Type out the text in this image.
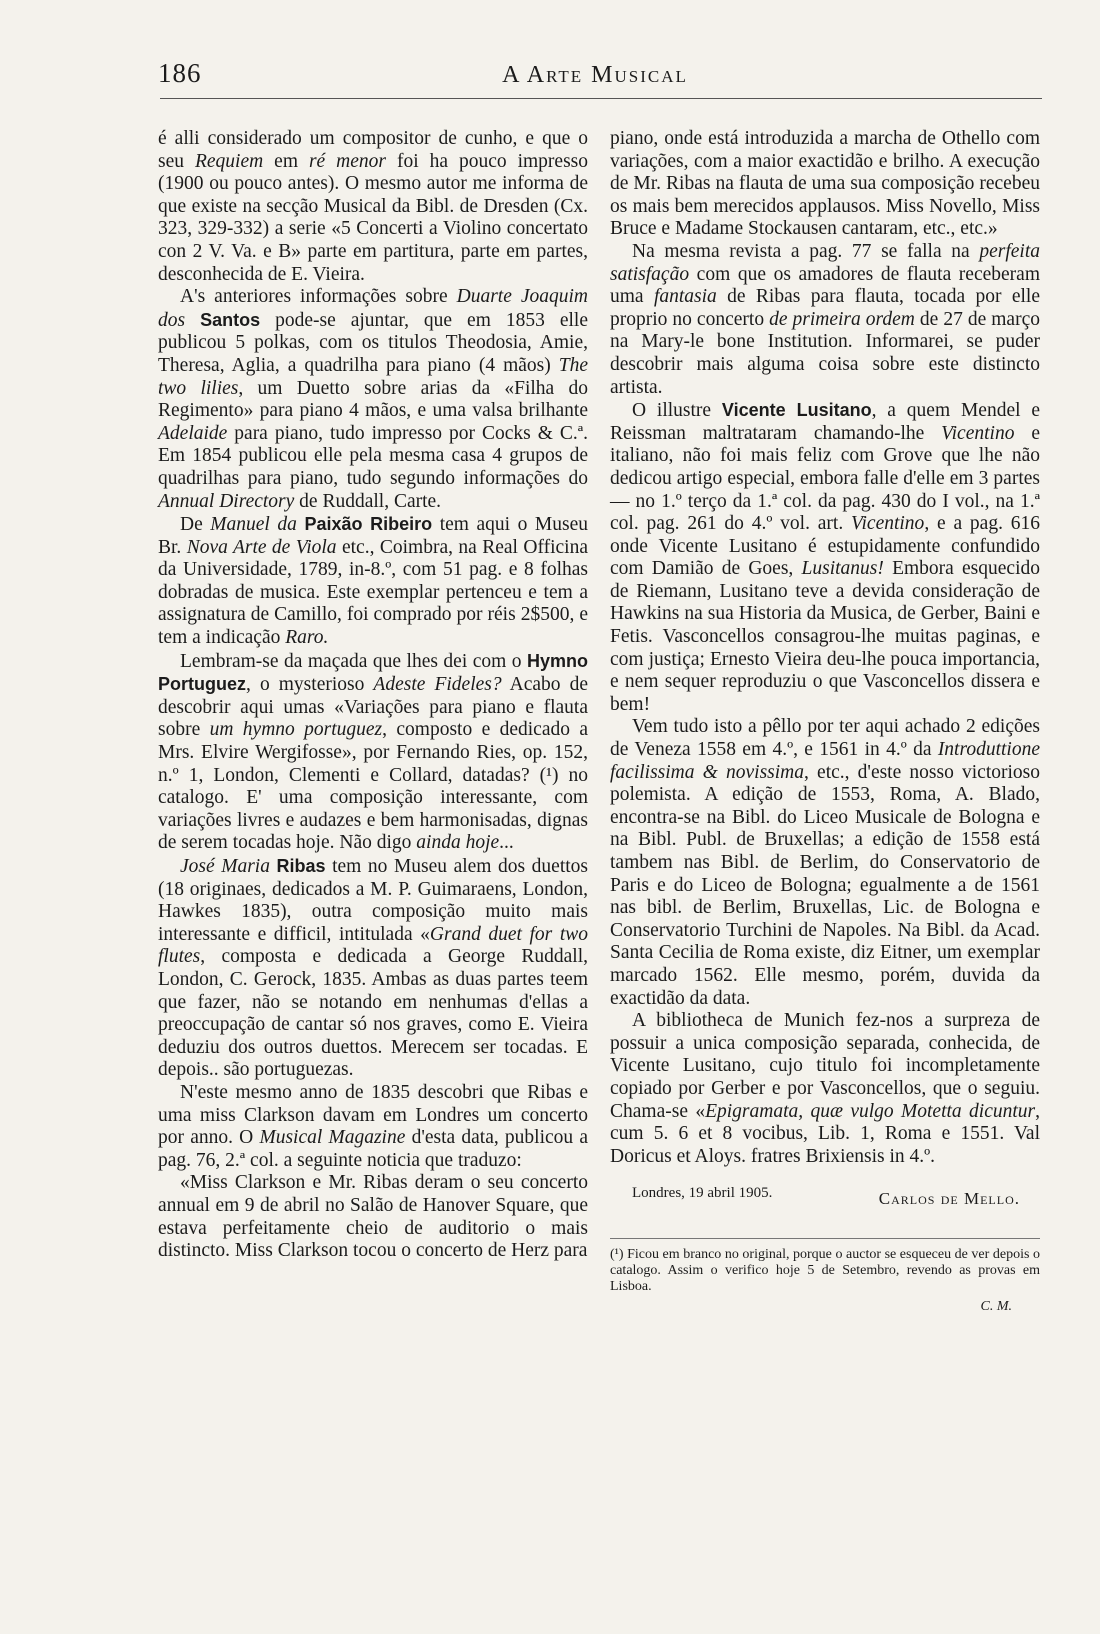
186	A Arte Musical

é alli considerado um compositor de cunho, e que o seu Requiem em ré menor foi ha pouco impresso (1900 ou pouco antes). O mesmo autor me informa de que existe na secção Musical da Bibl. de Dresden (Cx. 323, 329-332) a serie «5 Concerti a Violino concertato con 2 V. Va. e B» parte em partitura, parte em partes, desconhecida de E. Vieira.

A's anteriores informações sobre Duarte Joaquim dos Santos pode-se ajuntar, que em 1853 elle publicou 5 polkas, com os titulos Theodosia, Amie, Theresa, Aglia, a quadrilha para piano (4 mãos) The two lilies, um Duetto sobre arias da «Filha do Regimento» para piano 4 mãos, e uma valsa brilhante Adelaide para piano, tudo impresso por Cocks & C.ª. Em 1854 publicou elle pela mesma casa 4 grupos de quadrilhas para piano, tudo segundo informações do Annual Directory de Ruddall, Carte.

De Manuel da Paixão Ribeiro tem aqui o Museu Br. Nova Arte de Viola etc., Coimbra, na Real Officina da Universidade, 1789, in-8.º, com 51 pag. e 8 folhas dobradas de musica. Este exemplar pertenceu e tem a assignatura de Camillo, foi comprado por réis 2$500, e tem a indicação Raro.

Lembram-se da maçada que lhes dei com o Hymno Portuguez, o mysterioso Adeste Fideles? Acabo de descobrir aqui umas «Variações para piano e flauta sobre um hymno portuguez, composto e dedicado a Mrs. Elvire Wergifosse», por Fernando Ries, op. 152, n.º 1, London, Clementi e Collard, datadas? (¹) no catalogo. E' uma composição interessante, com variações livres e audazes e bem harmonisadas, dignas de serem tocadas hoje. Não digo ainda hoje...

José Maria Ribas tem no Museu alem dos duettos (18 originaes, dedicados a M. P. Guimaraens, London, Hawkes 1835), outra composição muito mais interessante e difficil, intitulada «Grand duet for two flutes, composta e dedicada a George Ruddall, London, C. Gerock, 1835. Ambas as duas partes teem que fazer, não se notando em nenhumas d'ellas a preoccupação de cantar só nos graves, como E. Vieira deduziu dos outros duettos. Merecem ser tocadas. E depois.. são portuguezas.

N'este mesmo anno de 1835 descobri que Ribas e uma miss Clarkson davam em Londres um concerto por anno. O Musical Magazine d'esta data, publicou a pag. 76, 2.ª col. a seguinte noticia que traduzo:

«Miss Clarkson e Mr. Ribas deram o seu concerto annual em 9 de abril no Salão de Hanover Square, que estava perfeitamente cheio de auditorio o mais distincto. Miss Clarkson tocou o concerto de Herz para

piano, onde está introduzida a marcha de Othello com variações, com a maior exactidão e brilho. A execução de Mr. Ribas na flauta de uma sua composição recebeu os mais bem merecidos applausos. Miss Novello, Miss Bruce e Madame Stockausen cantaram, etc., etc.»

Na mesma revista a pag. 77 se falla na perfeita satisfação com que os amadores de flauta receberam uma fantasia de Ribas para flauta, tocada por elle proprio no concerto de primeira ordem de 27 de março na Mary-le bone Institution. Informarei, se puder descobrir mais alguma coisa sobre este distincto artista.

O illustre Vicente Lusitano, a quem Mendel e Reissman maltrataram chamando-lhe Vicentino e italiano, não foi mais feliz com Grove que lhe não dedicou artigo especial, embora falle d'elle em 3 partes — no 1.º terço da 1.ª col. da pag. 430 do I vol., na 1.ª col. pag. 261 do 4.º vol. art. Vicentino, e a pag. 616 onde Vicente Lusitano é estupidamente confundido com Damião de Goes, Lusitanus! Embora esquecido de Riemann, Lusitano teve a devida consideração de Hawkins na sua Historia da Musica, de Gerber, Baini e Fetis. Vasconcellos consagrou-lhe muitas paginas, e com justiça; Ernesto Vieira deu-lhe pouca importancia, e nem sequer reproduziu o que Vasconcellos dissera e bem!

Vem tudo isto a pêllo por ter aqui achado 2 edições de Veneza 1558 em 4.º, e 1561 in 4.º da Introduttione facilissima & novissima, etc., d'este nosso victorioso polemista. A edição de 1553, Roma, A. Blado, encontra-se na Bibl. do Liceo Musicale de Bologna e na Bibl. Publ. de Bruxellas; a edição de 1558 está tambem nas Bibl. de Berlim, do Conservatorio de Paris e do Liceo de Bologna; egualmente a de 1561 nas bibl. de Berlim, Bruxellas, Lic. de Bologna e Conservatorio Turchini de Napoles. Na Bibl. da Acad. Santa Cecilia de Roma existe, diz Eitner, um exemplar marcado 1562. Elle mesmo, porém, duvida da exactidão da data.

A bibliotheca de Munich fez-nos a surpreza de possuir a unica composição separada, conhecida, de Vicente Lusitano, cujo titulo foi incompletamente copiado por Gerber e por Vasconcellos, que o seguiu. Chama-se «Epigramata, quæ vulgo Motetta dicuntur, cum 5. 6 et 8 vocibus, Lib. 1, Roma e 1551. Val Doricus et Aloys. fratres Brixiensis in 4.º.

Londres, 19 abril 1905.	Carlos de Mello.
(¹) Ficou em branco no original, porque o auctor se esqueceu de ver depois o catalogo. Assim o verifico hoje 5 de Setembro, revendo as provas em Lisboa.
C. M.
